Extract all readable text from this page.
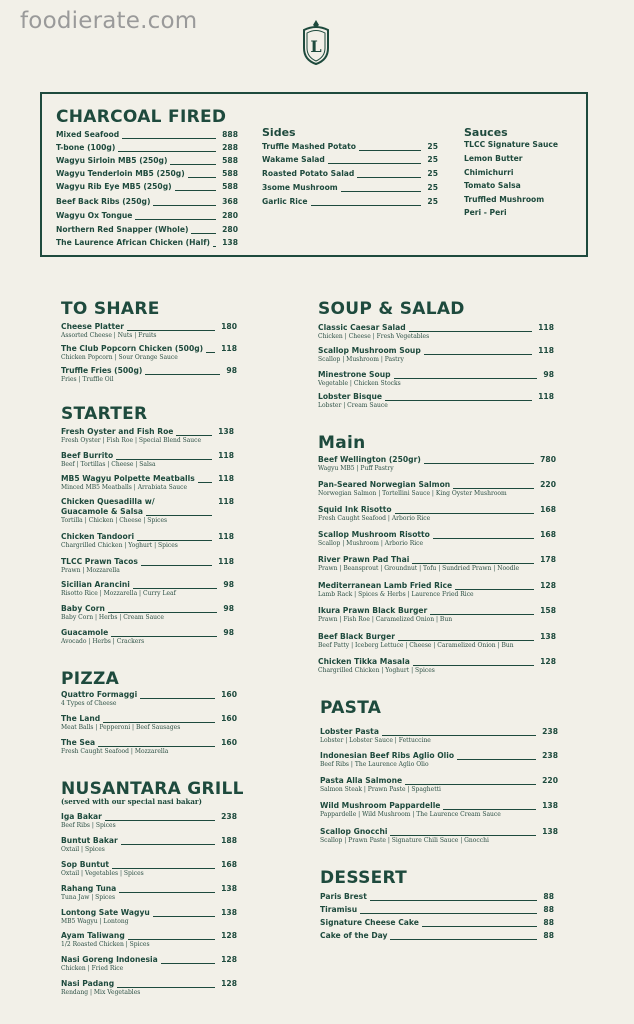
foodierate.com
L
CHARCOAL FIRED
Mixed Seafood	888
T-bone (100g)	288
Wagyu Sirloin MB5 (250g)	588
Wagyu Tenderloin MB5 (250g)	588
Wagyu Rib Eye MB5 (250g)	588
Beef Back Ribs (250g)	368
Wagyu Ox Tongue	280
Northern Red Snapper (Whole)	280
The Laurence African Chicken (Half) 138
Sides
Truffle Mashed Potato	25
Wakame Salad	25
Roasted Potato Salad	25
3some Mushroom	25
Garlic Rice	25
Sauces
TLCC Signature Sauce
Lemon Butter
Chimichurri
Tomato Salsa
Truffled Mushroom
Peri - Peri
TO SHARE
Cheese Platter	180
Assorted Cheese | Nuts | Fruits
The Club Popcorn Chicken (500g) 118
Chicken Popcorn | Sour Orange Sauce
Truffle Fries (500g)	98
Fries | Truffle Oil
STARTER
Fresh Oyster and Fish Roe	138
Fresh Oyster | Fish Roe | Special Blend Sauce
Beef Burrito	118
Beef | Tortillas | Cheese | Salsa
MB5 Wagyu Polpette Meatballs	118
Minced MB5 Meatballs | Arrabiata Sauce
Chicken Quesadilla w/	118
Guacamole & Salsa
Tortilla | Chicken | Cheese | Spices
Chicken Tandoori	118
Chargrilled Chicken | Yoghurt | Spices
TLCC Prawn Tacos	118
Prawn | Mozzarella
Sicilian Arancini	98
Risotto Rice | Mozzarella | Curry Leaf
Baby Corn	98
Baby Corn | Herbs | Cream Sauce
Guacamole	98
Avocado | Herbs | Crackers
PIZZA
Quattro Formaggi	160
4 Types of Cheese
The Land	160
Meat Balls | Pepperoni | Beef Sausages
The Sea	160
Fresh Caught Seafood | Mozzarella
NUSANTARA GRILL
(served with our special nasi bakar)
Iga Bakar	238
Beef Ribs | Spices
Buntut Bakar	188
Oxtail | Spices
Sop Buntut	168
Oxtail | Vegetables | Spices
Rahang Tuna	138
Tuna Jaw | Spices
Lontong Sate Wagyu	138
MB5 Wagyu | Lontong
Ayam Taliwang	128
1/2 Roasted Chicken | Spices
Nasi Goreng Indonesia	128
Chicken | Fried Rice
Nasi Padang	128
Rendang | Mix Vegetables
SOUP & SALAD
Classic Caesar Salad	118
Chicken | Cheese | Fresh Vegetables
Scallop Mushroom Soup	118
Scallop | Mushroom | Pastry
Minestrone Soup	98
Vegetable | Chicken Stocks
Lobster Bisque	118
Lobster | Cream Sauce
Main
Beef Wellington (250gr)	780
Wagyu MB5 | Puff Pastry
Pan-Seared Norwegian Salmon	220
Norwegian Salmon | Tortellini Sauce | King Oyster Mushroom
Squid Ink Risotto	168
Fresh Caught Seafood | Arborio Rice
Scallop Mushroom Risotto	168
Scallop | Mushroom | Arborio Rice
River Prawn Pad Thai	178
Prawn | Beansprout | Groundnut | Tofu | Sundried Prawn | Noodle
Mediterranean Lamb Fried Rice	128
Lamb Rack | Spices & Herbs | Laurence Fried Rice
Ikura Prawn Black Burger	158
Prawn | Fish Roe | Caramelized Onion | Bun
Beef Black Burger	138
Beef Patty | Iceberg Lettuce | Cheese | Caramelized Onion | Bun
Chicken Tikka Masala	128
Chargrilled Chicken | Yoghurt | Spices
PASTA
Lobster Pasta	238
Lobster | Lobster Sauce | Fettuccine
Indonesian Beef Ribs Aglio Olio	238
Beef Ribs | The Laurence Aglio Olio
Pasta Alla Salmone	220
Salmon Steak | Prawn Paste | Spaghetti
Wild Mushroom Pappardelle	138
Pappardelle | Wild Mushroom | The Laurence Cream Sauce
Scallop Gnocchi	138
Scallop | Prawn Paste | Signature Chili Sauce | Gnocchi
DESSERT
Paris Brest	88
Tiramisu	88
Signature Cheese Cake	88
Cake of the Day	88
